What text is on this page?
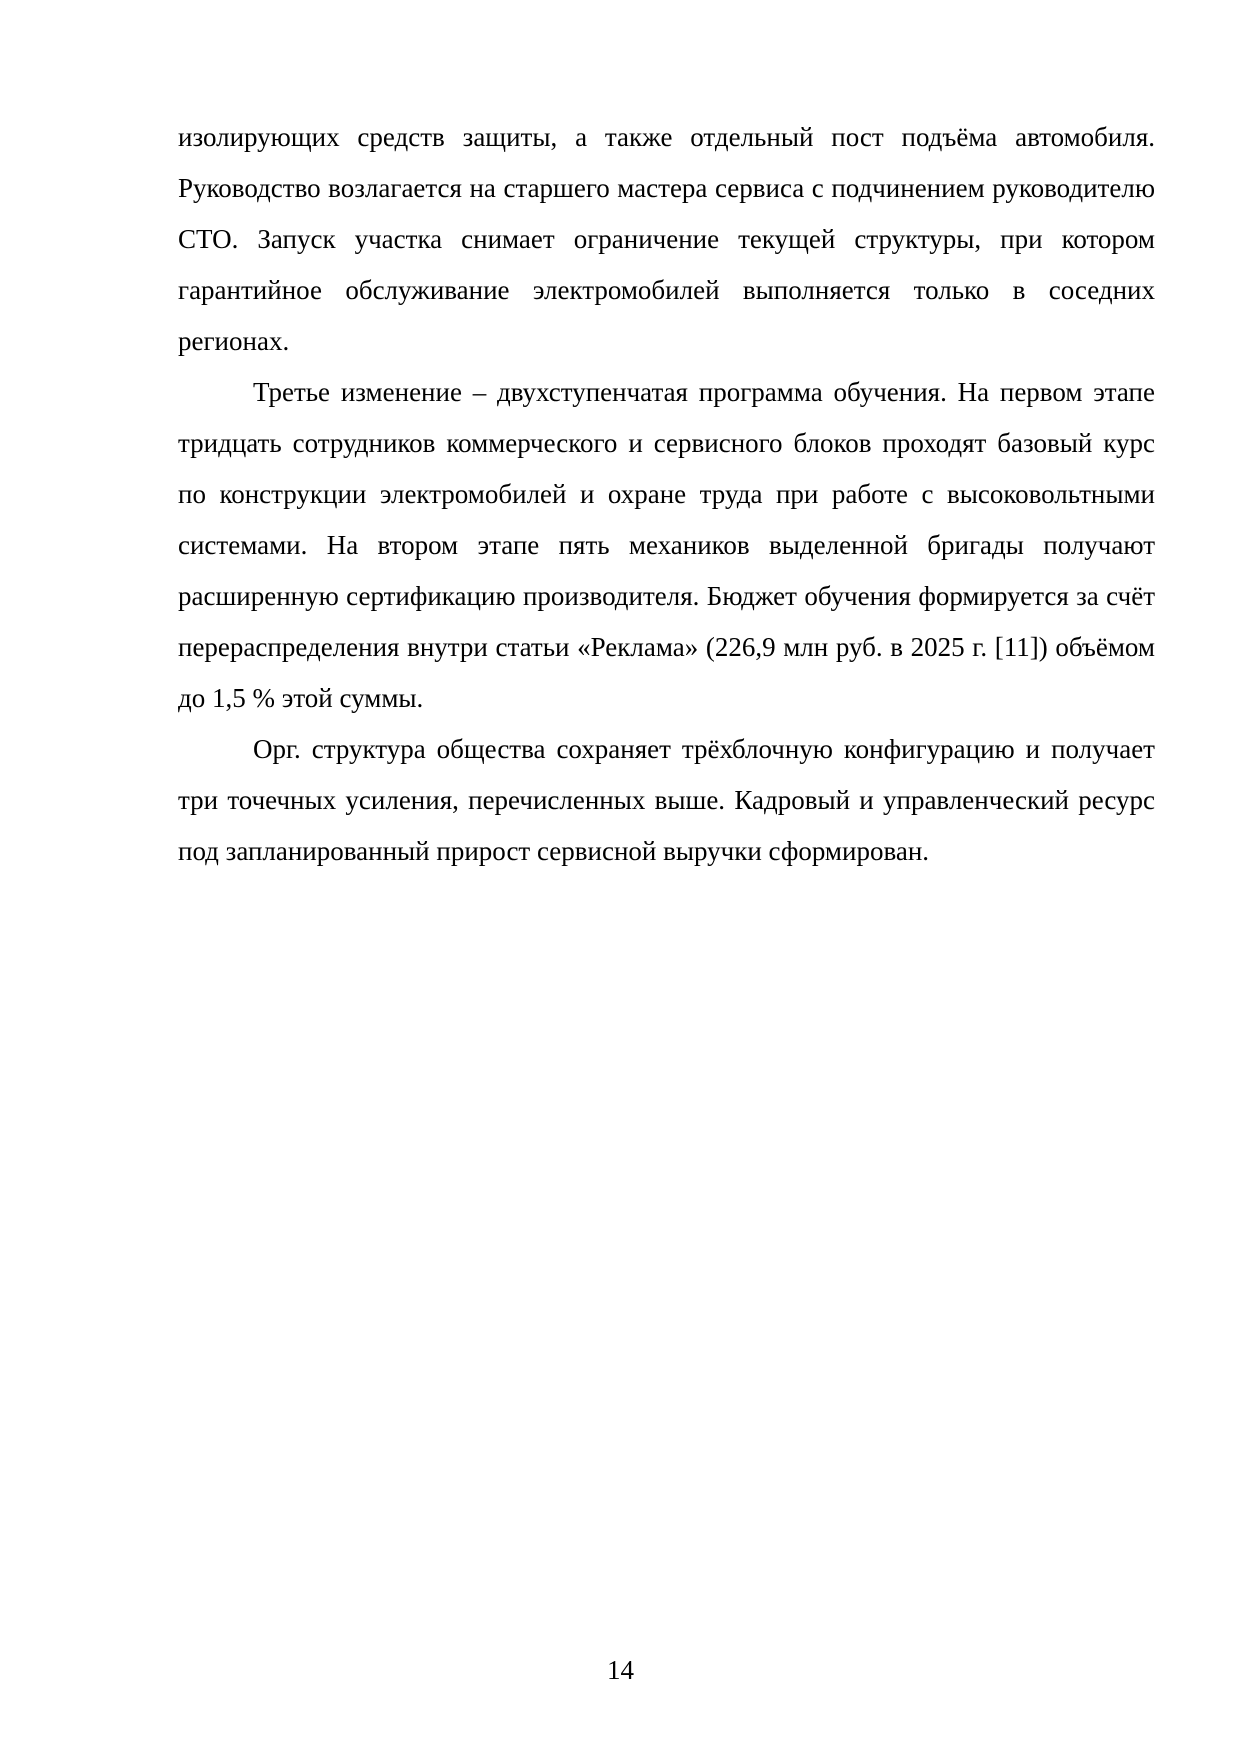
изолирующих средств защиты, а также отдельный пост подъёма автомобиля. Руководство возлагается на старшего мастера сервиса с подчинением руководителю СТО. Запуск участка снимает ограничение текущей структуры, при котором гарантийное обслуживание электромобилей выполняется только в соседних регионах.

Третье изменение – двухступенчатая программа обучения. На первом этапе тридцать сотрудников коммерческого и сервисного блоков проходят базовый курс по конструкции электромобилей и охране труда при работе с высоковольтными системами. На втором этапе пять механиков выделенной бригады получают расширенную сертификацию производителя. Бюджет обучения формируется за счёт перераспределения внутри статьи «Реклама» (226,9 млн руб. в 2025 г. [11]) объёмом до 1,5 % этой суммы.

Орг. структура общества сохраняет трёхблочную конфигурацию и получает три точечных усиления, перечисленных выше. Кадровый и управленческий ресурс под запланированный прирост сервисной выручки сформирован.

14
